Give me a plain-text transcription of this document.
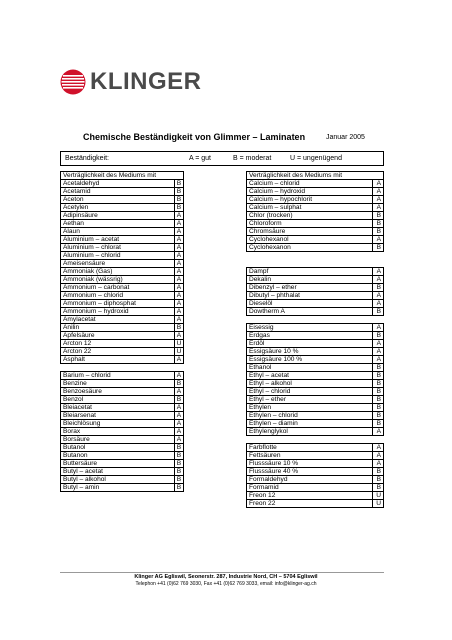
KLINGER
Chemische Beständigkeit von Glimmer – Laminaten	Januar 2005
Beständigkeit:	A = gut	B = moderat	U = ungenügend
Verträglichkeit des Mediums mit
Acetaldehyd	B
Acetamid	B
Aceton	B
Acetylen	B
Adipinsäure	A
Aethan	A
Alaun	A
Aluminium – acetat	A
Aluminium – chlorat	A
Aluminium – chlorid	A
Ameisensäure	A
Ammoniak (Gas)	A
Ammoniak (wässrig)	A
Ammonium – carbonat	A
Ammonium – chlorid	A
Ammonium – diphosphat	A
Ammonium – hydroxid	A
Amylacetat	A
Anilin	B
Apfelsäure	A
Arcton 12	U
Arcton 22	U
Asphalt	A
Barium – chlorid	A
Benzine	B
Benzoesäure	A
Benzol	B
Bleiacetat	A
Bleiarsenat	A
Bleichlösung	A
Borax	A
Borsäure	A
Butanol	B
Butanon	B
Buttersäure	B
Butyl – acetat	B
Butyl – alkohol	B
Butyl – amin	B
Verträglichkeit des Mediums mit
Calcium – chlorid	A
Calcium – hydroxid	A
Calcium – hypochlorit	A
Calcium – sulphat	A
Chlor (trocken)	B
Chloroform	B
Chromsäure	B
Cyclohexanol	A
Cyclohexanon	B
Dampf	A
Dekalin	A
Dibenzyl – ether	B
Dibutyl – phthalat	A
Dieselöl	A
Dowtherm A	B
Eisessig	A
Erdgas	B
Erdöl	A
Essigsäure 10 %	A
Essigsäure 100 %	A
Ethanol	B
Ethyl – acetat	B
Ethyl – alkohol	B
Ethyl – chlorid	B
Ethyl – ether	B
Ethylen	B
Ethylen – chlorid	B
Ethylen – diamin	B
Ethylenglykol	A
Farbflotte	A
Fettsäuren	A
Flusssäure 10 %	A
Flusssäure 40 %	B
Formaldehyd	B
Formamid	B
Freon 12	U
Freon 22	U
Klinger AG Egliswil, Seonerstr. 287, Industrie Nord, CH – 5704 Egliswil
Telephon +41 (0)62 769 3030, Fax +41 (0)62 769 3033, email: info@klinger-ag.ch
